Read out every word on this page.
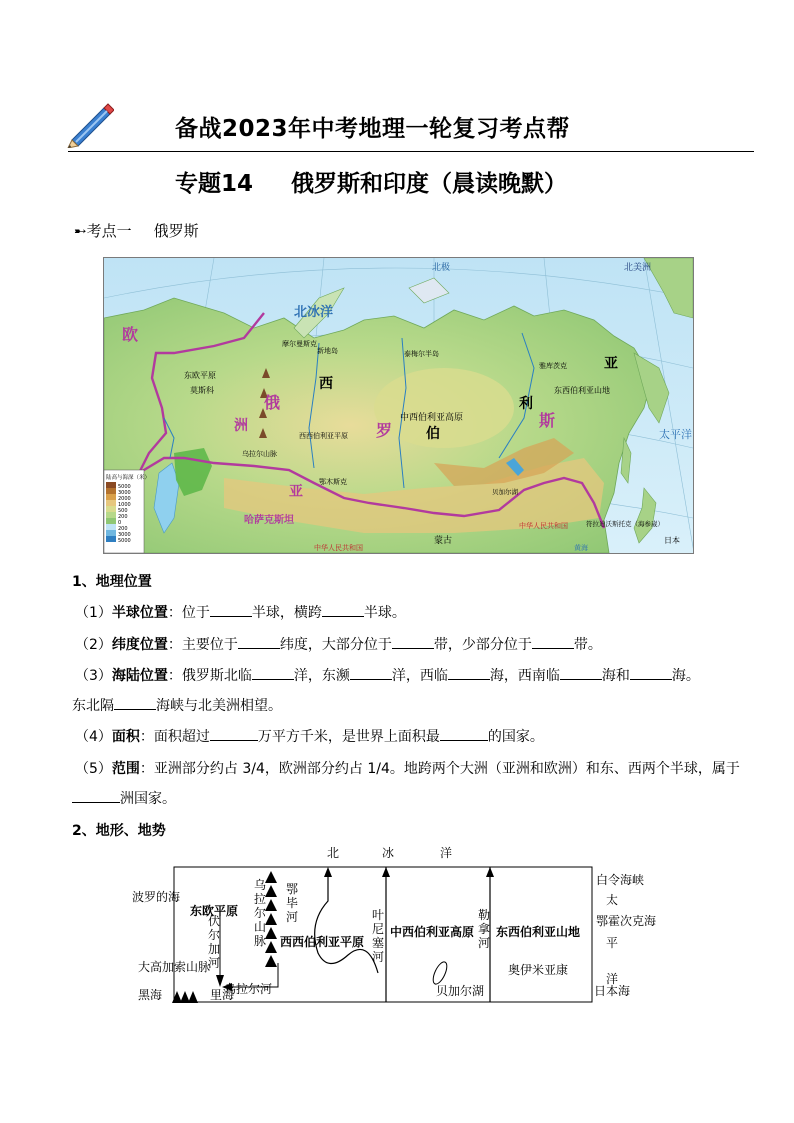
备战2023年中考地理一轮复习考点帮
专题14 俄罗斯和印度（晨读晚默）
➸考点一 俄罗斯
陆高与海深（米）
5000
3000
2000
1000
500
200
0
200
3000
5000
北极	北美洲
北冰洋
新地岛	泰梅尔半岛
欧
俄
罗
斯
西
伯
利
亚
洲
亚
中西伯利亚高原
西西伯利亚平原
东西伯利亚山地
乌拉尔山脉
莫斯科
东欧平原
摩尔曼斯克
雅库茨克
鄂木斯克
符拉迪沃斯托克（海参崴）
蒙古
哈萨克斯坦	中华人民共和国
中华人民共和国
贝加尔湖
太平洋
日本
黄海
1、地理位置
（1）半球位置：位于	半球，横跨	半球。
（2）纬度位置：主要位于	纬度，大部分位于	带，少部分位于	带。
（3）海陆位置：俄罗斯北临	洋，东濒	洋，西临	海，西南临	海和	海。
东北隔	海峡与北美洲相望。
（4）面积：面积超过	万平方千米，是世界上面积最	的国家。
（5）范围：亚洲部分约占 3/4，欧洲部分约占 1/4。地跨两个大洲（亚洲和欧洲）和东、西两个半球，属于
洲国家。
2、地形、地势
北	冰	洋
波罗的海
东欧平原
大高加索山脉
黑海	里海
乌拉尔河
西西伯利亚平原
中西伯利亚高原
贝加尔湖
东西伯利亚山地
奥伊米亚康
白令海峡
太
鄂霍次克海
平
洋
日本海
伏
尔
加
河
乌
拉
尔
山
脉
鄂
毕
河	叶
尼
塞
河
勒
拿
河
